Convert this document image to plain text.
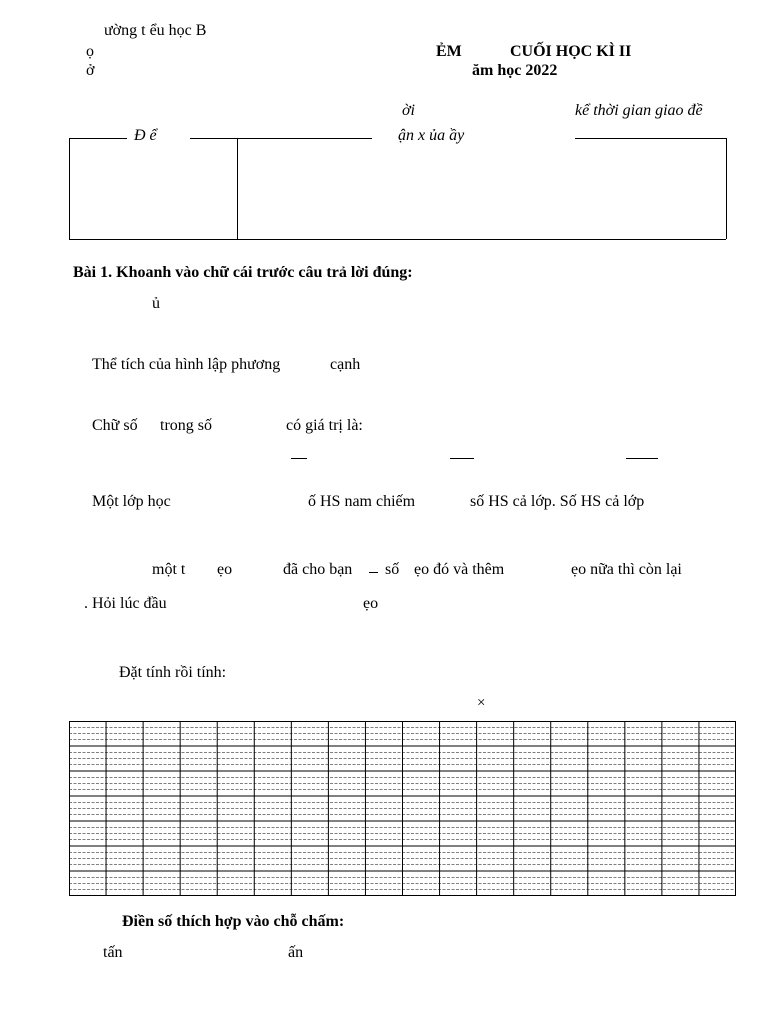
ường t ểu học B
ọ
ở
ẺM	CUỐI HỌC KÌ II
ăm học 2022
ời	kể thời gian giao đề
Đ ể	ận x ủa ầy
Bài 1. Khoanh vào chữ cái trước câu trả lời đúng:
ủ
Thể tích của hình lập phương	cạnh
Chữ số trong số	có giá trị là:
Một lớp học	ố HS nam chiếm	số HS cả lớp. Số HS cả lớp
một t ẹo	đã cho bạn số ẹo đó và thêm	ẹo nữa thì còn lại
. Hỏi lúc đầu	ẹo
Đặt tính rồi tính:
×
Điền số thích hợp vào chỗ chấm:
tấn	ấn
